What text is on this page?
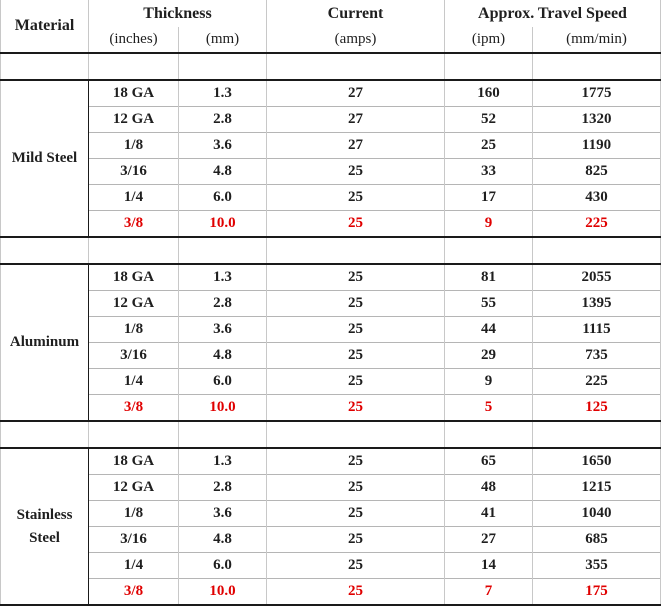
Material	Thickness		Current	Approx. Travel Speed	
	(inches)	(mm)	(amps)	(ipm)	(mm/min)

Mild Steel	18 GA	1.3	27	160	1775
	12 GA	2.8	27	52	1320
	1/8	3.6	27	25	1190
	3/16	4.8	25	33	825
	1/4	6.0	25	17	430
	3/8	10.0	25	9	225

Aluminum	18 GA	1.3	25	81	2055
	12 GA	2.8	25	55	1395
	1/8	3.6	25	44	1115
	3/16	4.8	25	29	735
	1/4	6.0	25	9	225
	3/8	10.0	25	5	125

Stainless
Steel	18 GA	1.3	25	65	1650
	12 GA	2.8	25	48	1215
	1/8	3.6	25	41	1040
	3/16	4.8	25	27	685
	1/4	6.0	25	14	355
	3/8	10.0	25	7	175
